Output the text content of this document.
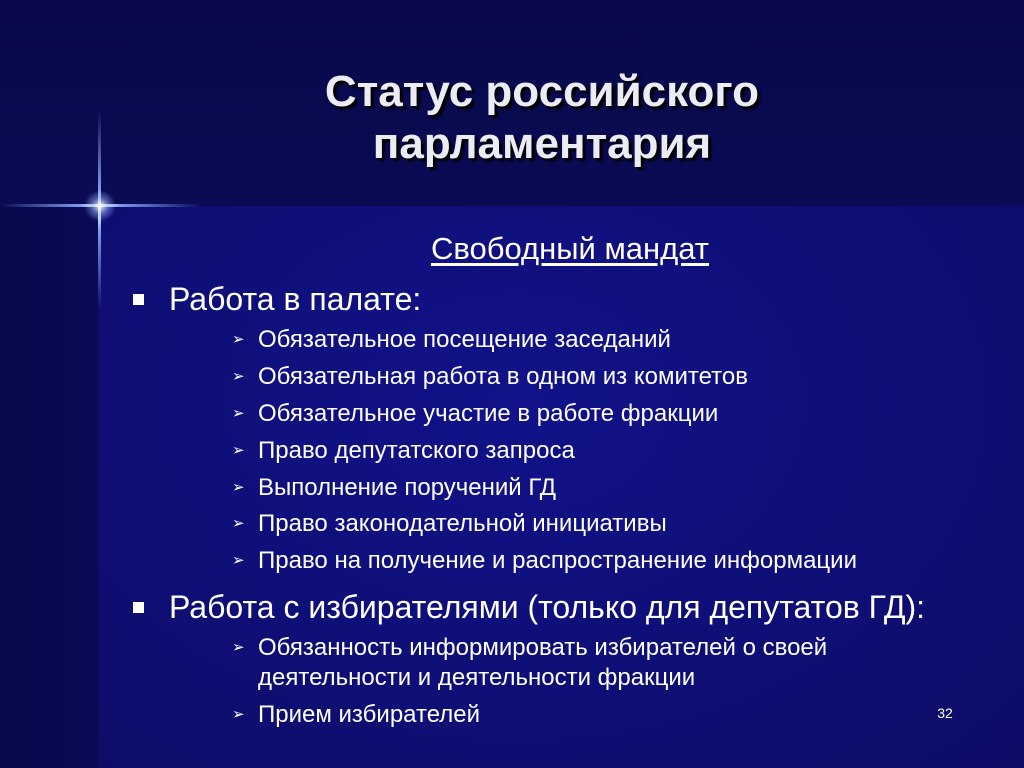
Статус российского
парламентария
Свободный мандат
Работа в палате:
➢ Обязательное посещение заседаний
➢ Обязательная работа в одном из комитетов
➢ Обязательное участие в работе фракции
➢ Право депутатского запроса
➢ Выполнение поручений ГД
➢ Право законодательной инициативы
➢ Право на получение и распространение информации
Работа с избирателями (только для депутатов ГД):
➢ Обязанность информировать избирателей о своей деятельности и деятельности фракции
➢ Прием избирателей	32
